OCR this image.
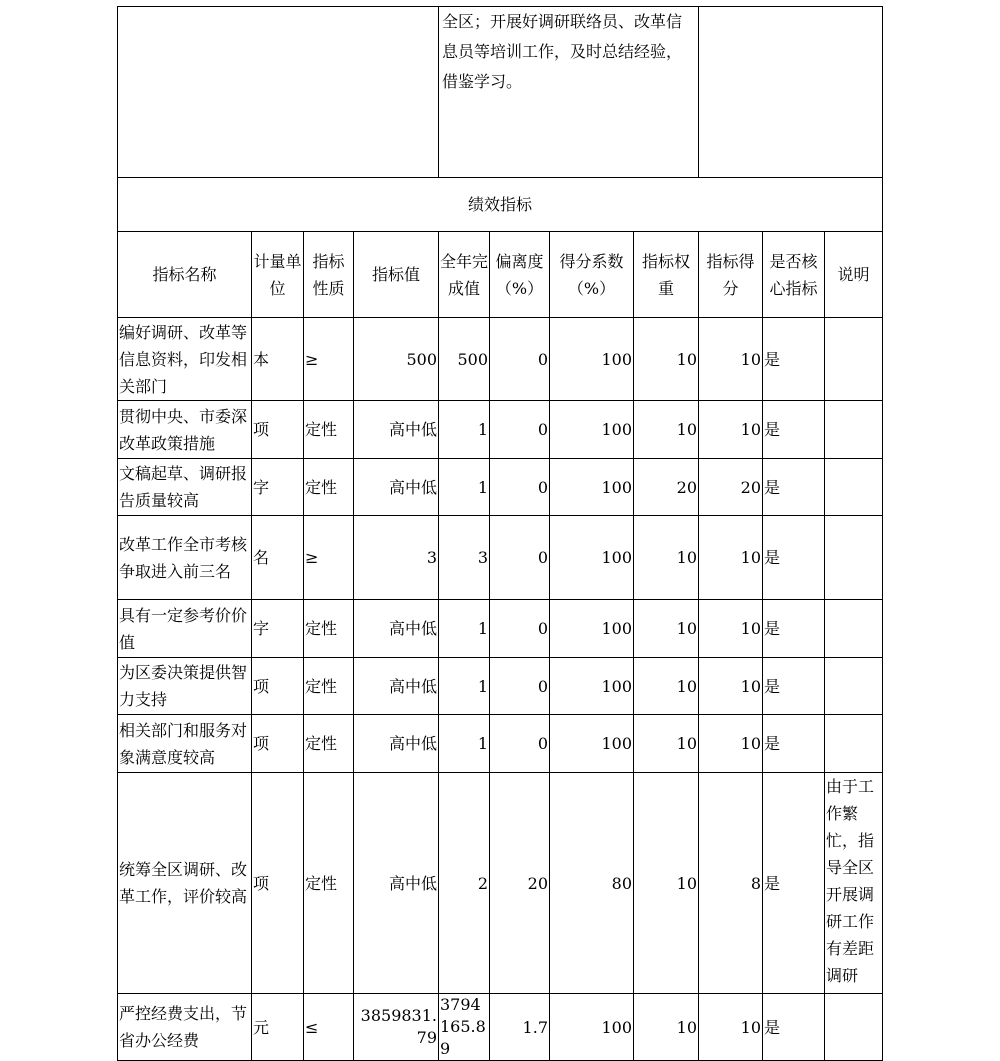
				全区；开展好调研联络员、改革信息员等培训工作，及时总结经验，借鉴学习。						
绩效指标										
指标名称	计量单位	指标性质	指标值	全年完成值	偏离度（%）	得分系数（%）	指标权重	指标得分	是否核心指标	说明
编好调研、改革等信息资料，印发相关部门	本	≥	500	500	0	100	10	10	是	
贯彻中央、市委深改革政策措施	项	定性	高中低	1	0	100	10	10	是	
文稿起草、调研报告质量较高	字	定性	高中低	1	0	100	20	20	是	
改革工作全市考核争取进入前三名	名	≥	3	3	0	100	10	10	是	
具有一定参考价价值	字	定性	高中低	1	0	100	10	10	是	
为区委决策提供智力支持	项	定性	高中低	1	0	100	10	10	是	
相关部门和服务对象满意度较高	项	定性	高中低	1	0	100	10	10	是	
统筹全区调研、改革工作，评价较高	项	定性	高中低	2	20	80	10	8	是	由于工作繁忙，指导全区开展调研工作有差距调研
严控经费支出，节省办公经费	元	≤	3859831.79	3794165.89	1.7	100	10	10	是	
